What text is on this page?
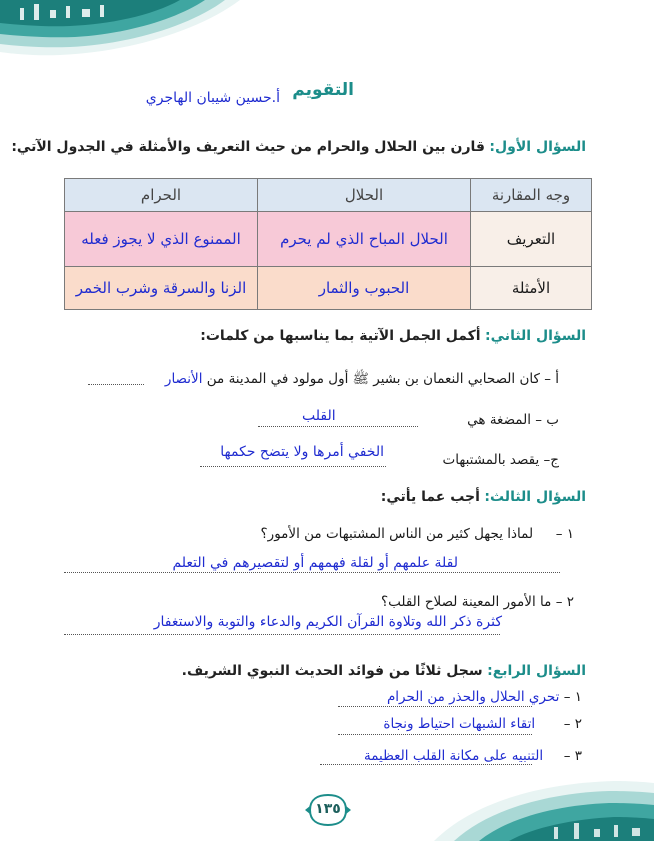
التقويم
أ.حسين شيبان الهاجري
السؤال الأول: قارن بين الحلال والحرام من حيث التعريف والأمثلة في الجدول الآتي:
وجه المقارنة	الحلال	الحرام
التعريف	الحلال المباح الذي لم يحرم	الممنوع الذي لا يجوز فعله
الأمثلة	الحبوب والثمار	الزنا والسرقة وشرب الخمر
السؤال الثاني: أكمل الجمل الآتية بما يناسبها من كلمات:
أ – كان الصحابي النعمان بن بشير ﷺ أول مولود في المدينة من الأنصار
ب – المضغة هي
القلب
ج– يقصد بالمشتبهات
الخفي أمرها ولا يتضح حكمها
السؤال الثالث: أجب عما يأتي:
١ –  لماذا يجهل كثير من الناس المشتبهات من الأمور؟
لقلة علمهم أو لقلة فهمهم أو لتقصيرهم في التعلم
٢ – ما الأمور المعينة لصلاح القلب؟
كثرة ذكر الله وتلاوة القرآن الكريم والدعاء والتوبة والاستغفار
السؤال الرابع: سجل ثلاثًا من فوائد الحديث النبوي الشريف.
١ – تحري الحلال والحذر من الحرام
٢ –  اتقاء الشبهات احتياط ونجاة
٣ –  التنبيه على مكانة القلب العظيمة
١٣٥
